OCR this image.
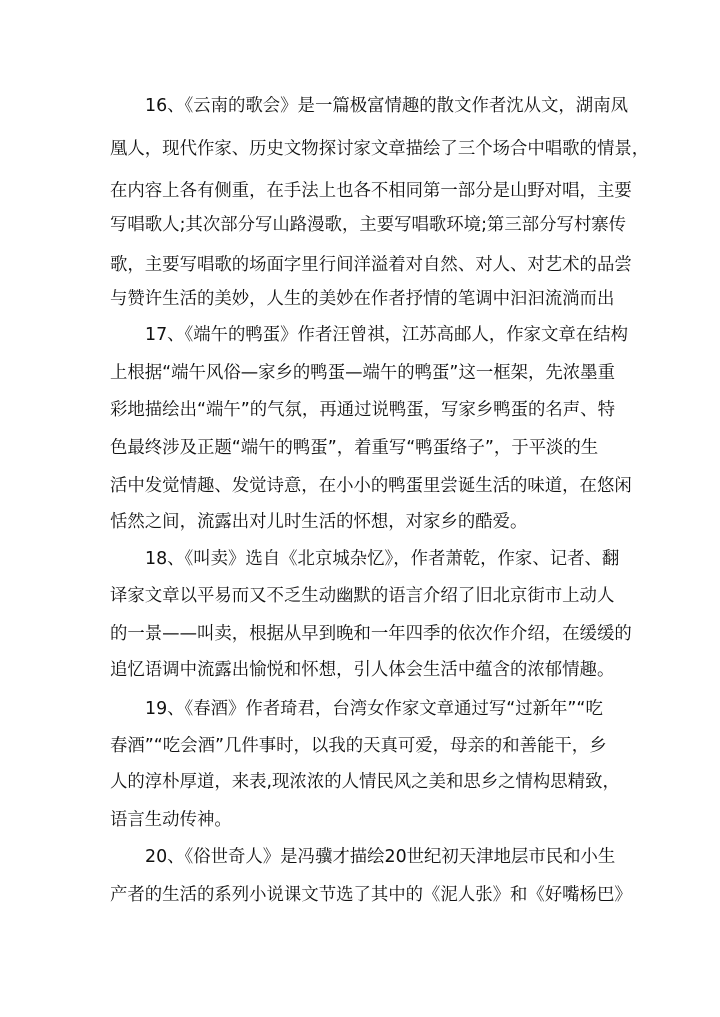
16、《云南的歌会》是一篇极富情趣的散文作者沈从文，湖南凤
凰人，现代作家、历史文物探讨家文章描绘了三个场合中唱歌的情景，
在内容上各有侧重，在手法上也各不相同第一部分是山野对唱，主要
写唱歌人;其次部分写山路漫歌，主要写唱歌环境;第三部分写村寨传
歌，主要写唱歌的场面字里行间洋溢着对自然、对人、对艺术的品尝
与赞许生活的美妙，人生的美妙在作者抒情的笔调中汩汩流淌而出
17、《端午的鸭蛋》作者汪曾祺，江苏高邮人，作家文章在结构
上根据“端午风俗—家乡的鸭蛋—端午的鸭蛋”这一框架，先浓墨重
彩地描绘出“端午”的气氛，再通过说鸭蛋，写家乡鸭蛋的名声、特
色最终涉及正题“端午的鸭蛋”，着重写“鸭蛋络子”，于平淡的生
活中发觉情趣、发觉诗意，在小小的鸭蛋里尝诞生活的味道，在悠闲
恬然之间，流露出对儿时生活的怀想，对家乡的酷爱。
18、《叫卖》选自《北京城杂忆》，作者萧乾，作家、记者、翻
译家文章以平易而又不乏生动幽默的语言介绍了旧北京街市上动人
的一景——叫卖，根据从早到晚和一年四季的依次作介绍，在缓缓的
追忆语调中流露出愉悦和怀想，引人体会生活中蕴含的浓郁情趣。
19、《春酒》作者琦君，台湾女作家文章通过写“过新年”“吃
春酒”“吃会酒”几件事时，以我的天真可爱，母亲的和善能干，乡
人的淳朴厚道，来表,现浓浓的人情民风之美和思乡之情构思精致，
语言生动传神。
20、《俗世奇人》是冯骥才描绘20世纪初天津地层市民和小生
产者的生活的系列小说课文节选了其中的《泥人张》和《好嘴杨巴》
